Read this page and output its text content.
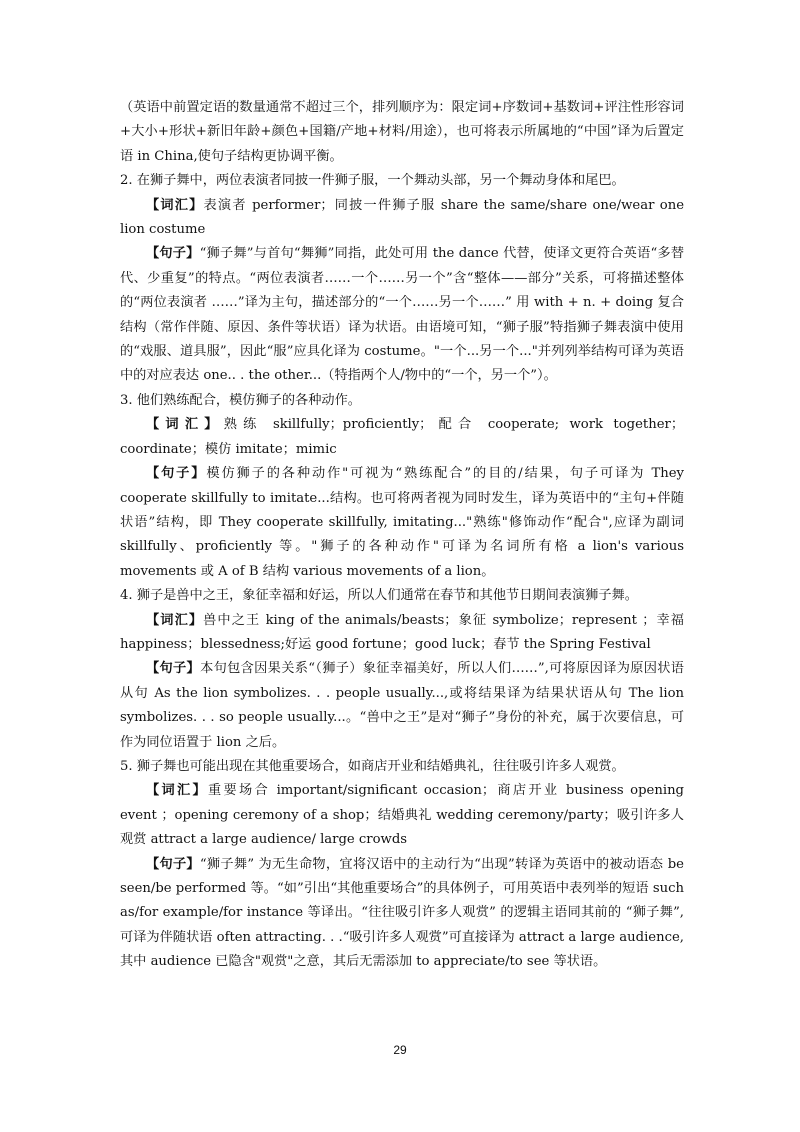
（英语中前置定语的数量通常不超过三个，排列顺序为：限定词+序数词+基数词+评注性形容词+大小+形状+新旧年龄+颜色+国籍/产地+材料/用途），也可将表示所属地的“中国”译为后置定语 in China,使句子结构更协调平衡。

2. 在狮子舞中，两位表演者同披一件狮子服，一个舞动头部，另一个舞动身体和尾巴。

【词汇】表演者 performer；同披一件狮子服 share the same/share one/wear one lion costume

【句子】“狮子舞”与首句“舞狮”同指，此处可用 the dance 代替，使译文更符合英语“多替代、少重复”的特点。“两位表演者……一个……另一个”含“整体——部分”关系，可将描述整体的“两位表演者 ……”译为主句，描述部分的“一个……另一个……” 用 with + n. + doing 复合结构（常作伴随、原因、条件等状语）译为状语。由语境可知，“狮子服”特指狮子舞表演中使用的“戏服、道具服”，因此“服”应具化译为 costume。"一个...另一个..."并列列举结构可译为英语中的对应表达 one.. . the other...（特指两个人/物中的“一个，另一个”）。

3. 他们熟练配合，模仿狮子的各种动作。

【词汇】熟练 skillfully；proficiently；配合 cooperate; work together；coordinate；模仿 imitate；mimic

【句子】模仿狮子的各种动作"可视为“熟练配合”的目的/结果，句子可译为 They cooperate skillfully to imitate...结构。也可将两者视为同时发生，译为英语中的“主句+伴随状语”结构，即 They cooperate skillfully, imitating..."熟练"修饰动作“配合",应译为副词 skillfully、proficiently 等。"狮子的各种动作"可译为名词所有格 a lion's various movements 或 A of B 结构 various movements of a lion。

4. 狮子是兽中之王，象征幸福和好运，所以人们通常在春节和其他节日期间表演狮子舞。

【词汇】兽中之王 king of the animals/beasts；象征 symbolize；represent ；幸福 happiness；blessedness;好运 good fortune；good luck；春节 the Spring Festival

【句子】本句包含因果关系“（狮子）象征幸福美好，所以人们……”,可将原因译为原因状语从句 As the lion symbolizes. . . people usually...,或将结果译为结果状语从句 The lion symbolizes. . . so people usually...。“兽中之王”是对“狮子”身份的补充，属于次要信息，可作为同位语置于 lion 之后。

5. 狮子舞也可能出现在其他重要场合，如商店开业和结婚典礼，往往吸引许多人观赏。

【词汇】重要场合 important/significant occasion；商店开业 business opening event ；opening ceremony of a shop；结婚典礼 wedding ceremony/party；吸引许多人观赏 attract a large audience/ large crowds

【句子】“狮子舞” 为无生命物，宜将汉语中的主动行为“出现”转译为英语中的被动语态 be seen/be performed 等。“如”引出“其他重要场合”的具体例子，可用英语中表列举的短语 such as/for example/for instance 等译出。“往往吸引许多人观赏” 的逻辑主语同其前的 “狮子舞”,可译为伴随状语 often attracting. . .“吸引许多人观赏”可直接译为 attract a large audience, 其中 audience 已隐含"观赏"之意，其后无需添加 to appreciate/to see 等状语。

29
